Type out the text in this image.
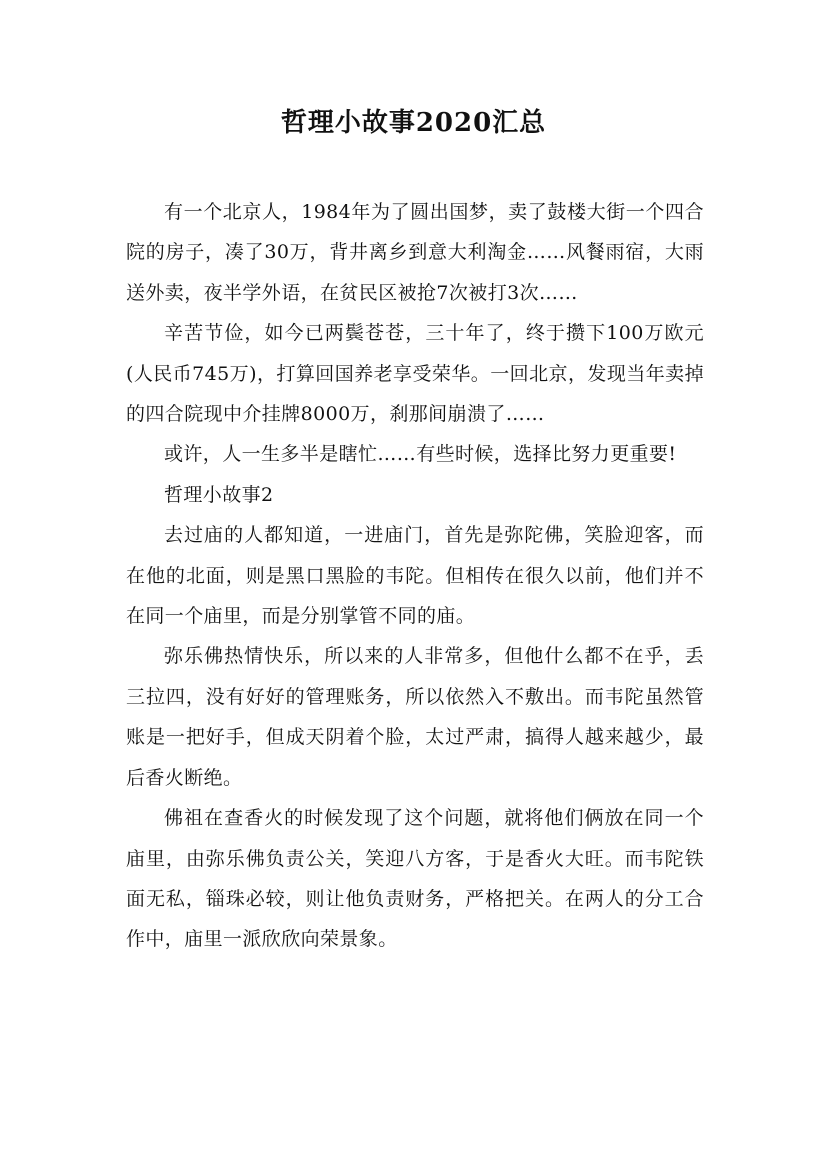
哲理小故事2020汇总

有一个北京人，1984年为了圆出国梦，卖了鼓楼大街一个四合院的房子，凑了30万，背井离乡到意大利淘金……风餐雨宿，大雨送外卖，夜半学外语，在贫民区被抢7次被打3次……

辛苦节俭，如今已两鬓苍苍，三十年了，终于攒下100万欧元(人民币745万)，打算回国养老享受荣华。一回北京，发现当年卖掉的四合院现中介挂牌8000万，刹那间崩溃了……

或许，人一生多半是瞎忙……有些时候，选择比努力更重要!

哲理小故事2

去过庙的人都知道，一进庙门，首先是弥陀佛，笑脸迎客，而在他的北面，则是黑口黑脸的韦陀。但相传在很久以前，他们并不在同一个庙里，而是分别掌管不同的庙。

弥乐佛热情快乐，所以来的人非常多，但他什么都不在乎，丢三拉四，没有好好的管理账务，所以依然入不敷出。而韦陀虽然管账是一把好手，但成天阴着个脸，太过严肃，搞得人越来越少，最后香火断绝。

佛祖在查香火的时候发现了这个问题，就将他们俩放在同一个庙里，由弥乐佛负责公关，笑迎八方客，于是香火大旺。而韦陀铁面无私，锱珠必较，则让他负责财务，严格把关。在两人的分工合作中，庙里一派欣欣向荣景象。
